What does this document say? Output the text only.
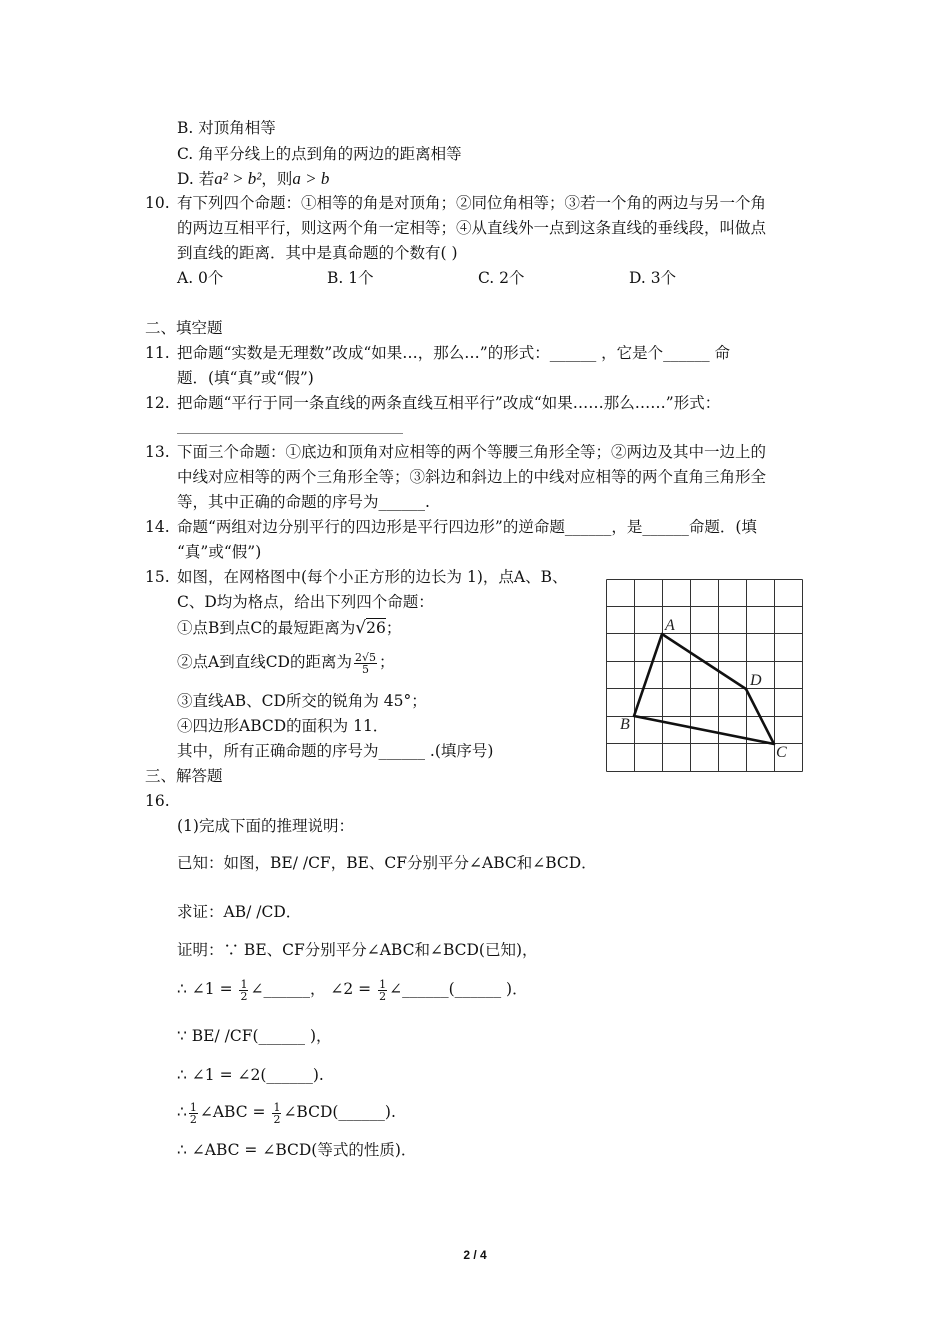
B. 对顶角相等
C. 角平分线上的点到角的两边的距离相等
D. 若a² > b²，则a > b
10. 有下列四个命题：①相等的角是对顶角；②同位角相等；③若一个角的两边与另一个角
的两边互相平行，则这两个角一定相等；④从直线外一点到这条直线的垂线段，叫做点
到直线的距离．其中是真命题的个数有( )
A. 0个	B. 1个	C. 2个	D. 3个
二、填空题
11. 把命题“实数是无理数”改成“如果…，那么…”的形式：______ ，它是个______ 命
题．(填“真”或“假”)
12. 把命题“平行于同一条直线的两条直线互相平行”改成“如果……那么……”形式：
13. 下面三个命题：①底边和顶角对应相等的两个等腰三角形全等；②两边及其中一边上的
中线对应相等的两个三角形全等；③斜边和斜边上的中线对应相等的两个直角三角形全
等，其中正确的命题的序号为______.
14. 命题“两组对边分别平行的四边形是平行四边形”的逆命题______，是______命题．(填
“真”或“假”)
15. 如图，在网格图中(每个小正方形的边长为 1)，点A、B、
C、D均为格点，给出下列四个命题：
①点B到点C的最短距离为√26；
②点A到直线CD的距离为 $\frac{2√5}{5}$ ；
③直线AB、CD所交的锐角为 45°；
④四边形ABCD的面积为 11．
其中，所有正确命题的序号为______ .(填序号)
A
B
C
D
三、解答题
16.
(1)完成下面的推理说明：
已知：如图，BE/ /CF，BE、CF分别平分∠ABC和∠BCD．
求证：AB/ /CD．
证明：∵ BE、CF分别平分∠ABC和∠BCD(已知)，
∴ ∠1 = $\frac{1}{2}$ ∠______， ∠2 = $\frac{1}{2}$ ∠______(______ )．
∵ BE/ /CF(______ )，
∴ ∠1 = ∠2(______).
∴ $\frac{1}{2}$ ∠ABC = $\frac{1}{2}$ ∠BCD(______).
∴ ∠ABC = ∠BCD(等式的性质)．
2 / 4
